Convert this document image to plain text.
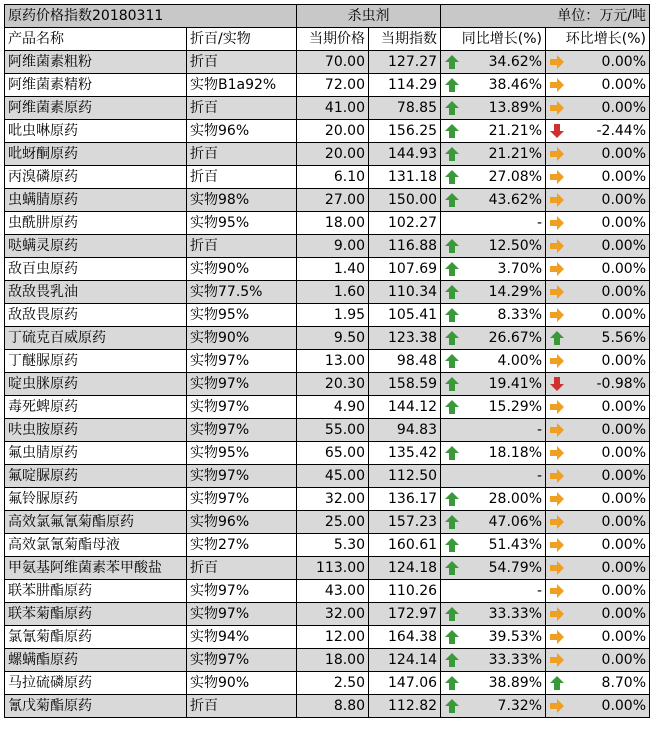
原药价格指数20180311		杀虫剂		单位：万元/吨	
产品名称	折百/实物	当期价格	当期指数	同比增长(%)	环比增长(%)
阿维菌素粗粉	折百	70.00	127.27	34.62%	0.00%
阿维菌素精粉	实物B1a92%	72.00	114.29	38.46%	0.00%
阿维菌素原药	折百	41.00	78.85	13.89%	0.00%
吡虫啉原药	实物96%	20.00	156.25	21.21%	-2.44%
吡蚜酮原药	折百	20.00	144.93	21.21%	0.00%
丙溴磷原药	折百	6.10	131.18	27.08%	0.00%
虫螨腈原药	实物98%	27.00	150.00	43.62%	0.00%
虫酰肼原药	实物95%	18.00	102.27	-	0.00%
哒螨灵原药	折百	9.00	116.88	12.50%	0.00%
敌百虫原药	实物90%	1.40	107.69	3.70%	0.00%
敌敌畏乳油	实物77.5%	1.60	110.34	14.29%	0.00%
敌敌畏原药	实物95%	1.95	105.41	8.33%	0.00%
丁硫克百威原药	实物90%	9.50	123.38	26.67%	5.56%
丁醚脲原药	实物97%	13.00	98.48	4.00%	0.00%
啶虫脒原药	实物97%	20.30	158.59	19.41%	-0.98%
毒死蜱原药	实物97%	4.90	144.12	15.29%	0.00%
呋虫胺原药	实物97%	55.00	94.83	-	0.00%
氟虫腈原药	实物95%	65.00	135.42	18.18%	0.00%
氟啶脲原药	实物97%	45.00	112.50	-	0.00%
氟铃脲原药	实物97%	32.00	136.17	28.00%	0.00%
高效氯氟氰菊酯原药	实物96%	25.00	157.23	47.06%	0.00%
高效氯氰菊酯母液	实物27%	5.30	160.61	51.43%	0.00%
甲氨基阿维菌素苯甲酸盐	折百	113.00	124.18	54.79%	0.00%
联苯肼酯原药	实物97%	43.00	110.26	-	0.00%
联苯菊酯原药	实物97%	32.00	172.97	33.33%	0.00%
氯氰菊酯原药	实物94%	12.00	164.38	39.53%	0.00%
螺螨酯原药	实物97%	18.00	124.14	33.33%	0.00%
马拉硫磷原药	实物90%	2.50	147.06	38.89%	8.70%
氰戊菊酯原药	折百	8.80	112.82	7.32%	0.00%
